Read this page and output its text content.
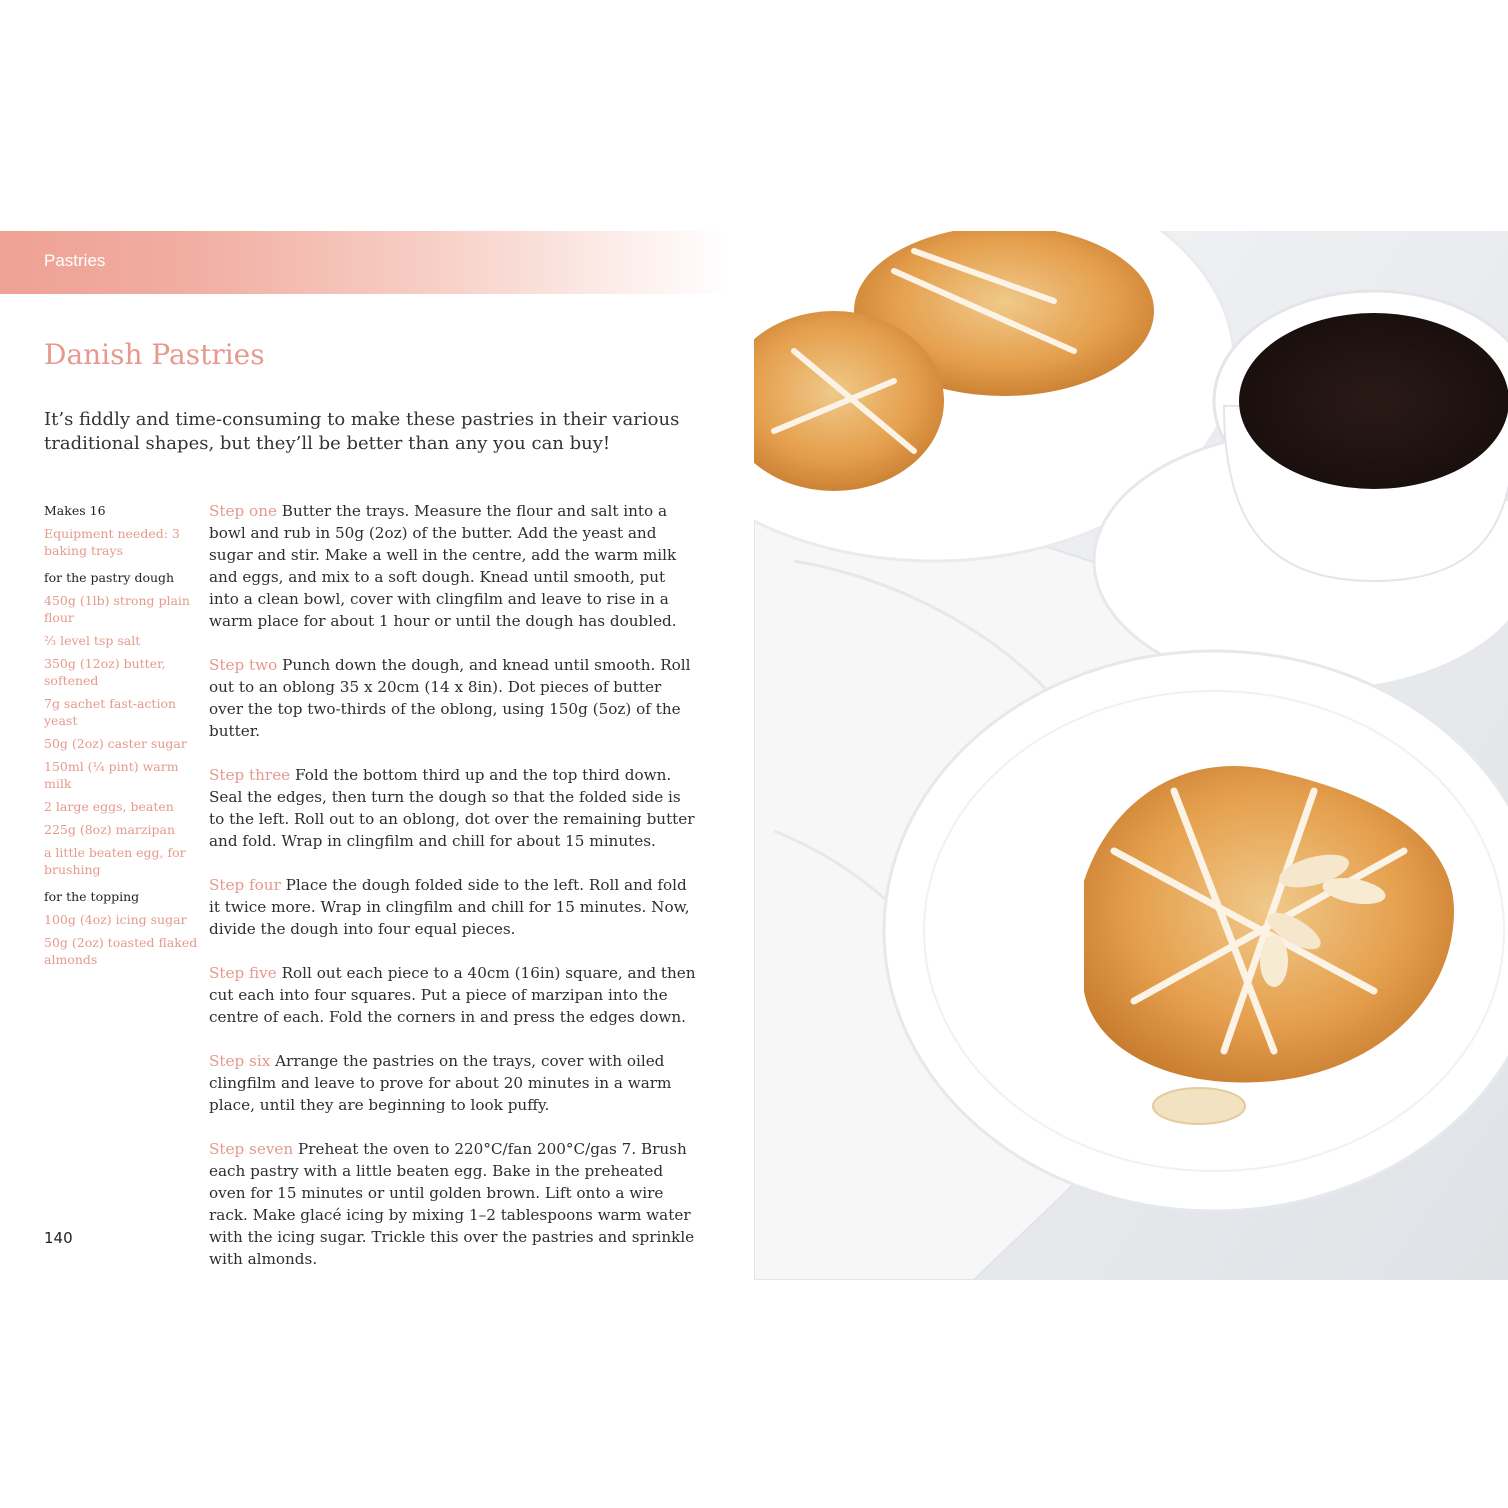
Pastries
Danish Pastries

It’s fiddly and time-consuming to make these pastries in their various traditional shapes, but they’ll be better than any you can buy!

Makes 16
Equipment needed: 3 baking trays
for the pastry dough
450g (1lb) strong plain flour
⅔ level tsp salt
350g (12oz) butter, softened
7g sachet fast-action yeast
50g (2oz) caster sugar
150ml (¼ pint) warm milk
2 large eggs, beaten
225g (8oz) marzipan
a little beaten egg, for brushing
for the topping
100g (4oz) icing sugar
50g (2oz) toasted flaked almonds

Step one Butter the trays. Measure the flour and salt into a bowl and rub in 50g (2oz) of the butter. Add the yeast and sugar and stir. Make a well in the centre, add the warm milk and eggs, and mix to a soft dough. Knead until smooth, put into a clean bowl, cover with clingfilm and leave to rise in a warm place for about 1 hour or until the dough has doubled.

Step two Punch down the dough, and knead until smooth. Roll out to an oblong 35 x 20cm (14 x 8in). Dot pieces of butter over the top two-thirds of the oblong, using 150g (5oz) of the butter.

Step three Fold the bottom third up and the top third down. Seal the edges, then turn the dough so that the folded side is to the left. Roll out to an oblong, dot over the remaining butter and fold. Wrap in clingfilm and chill for about 15 minutes.

Step four Place the dough folded side to the left. Roll and fold it twice more. Wrap in clingfilm and chill for 15 minutes. Now, divide the dough into four equal pieces.

Step five Roll out each piece to a 40cm (16in) square, and then cut each into four squares. Put a piece of marzipan into the centre of each. Fold the corners in and press the edges down.

Step six Arrange the pastries on the trays, cover with oiled clingfilm and leave to prove for about 20 minutes in a warm place, until they are beginning to look puffy.

Step seven Preheat the oven to 220°C/fan 200°C/gas 7. Brush each pastry with a little beaten egg. Bake in the preheated oven for 15 minutes or until golden brown. Lift onto a wire rack. Make glacé icing by mixing 1–2 tablespoons warm water with the icing sugar. Trickle this over the pastries and sprinkle with almonds.

140
